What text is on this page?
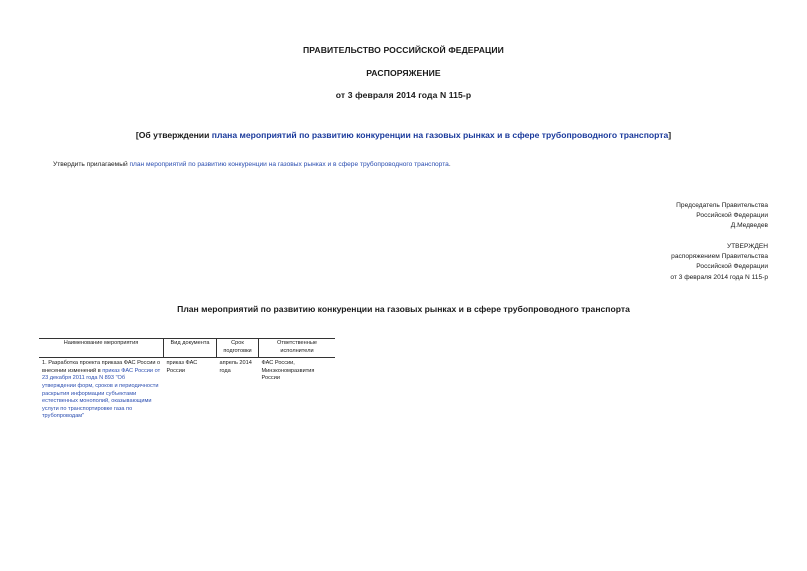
ПРАВИТЕЛЬСТВО РОССИЙСКОЙ ФЕДЕРАЦИИ
РАСПОРЯЖЕНИЕ
от 3 февраля 2014 года N 115-р
[Об утверждении плана мероприятий по развитию конкуренции на газовых рынках и в сфере трубопроводного транспорта]
Утвердить прилагаемый план мероприятий по развитию конкуренции на газовых рынках и в сфере трубопроводного транспорта.
Председатель Правительства
Российской Федерации
Д.Медведев
УТВЕРЖДЕН
распоряжением Правительства
Российской Федерации
от 3 февраля 2014 года N 115-р
План мероприятий по развитию конкуренции на газовых рынках и в сфере трубопроводного транспорта
Наименование мероприятия	Вид документа	Срок подготовки	Ответственные исполнители
1. Разработка проекта приказа ФАС России о внесении изменений в приказ ФАС России от 23 декабря 2011 года N 893 "Об утверждении форм, сроков и периодичности раскрытия информации субъектами естественных монополий, оказывающими услуги по транспортировке газа по трубопроводам"	приказ ФАС России	апрель 2014 года	ФАС России, Минэкономразвития России
